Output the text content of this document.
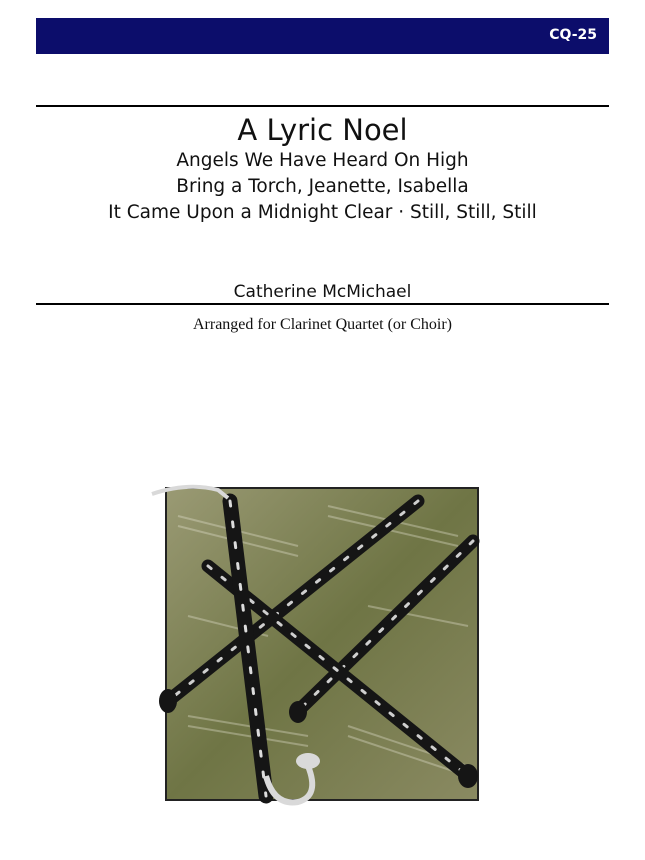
CQ-25
A Lyric Noel
Angels We Have Heard On High
Bring a Torch, Jeanette, Isabella
It Came Upon a Midnight Clear · Still, Still, Still
Catherine McMichael
Arranged for Clarinet Quartet (or Choir)
